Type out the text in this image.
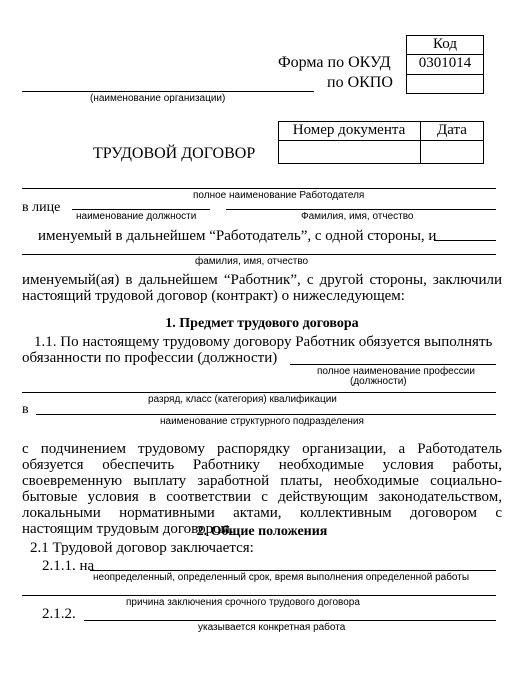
Код
0301014
Форма по ОКУД
по ОКПО
(наименование организации)
Номер документа	Дата
ТРУДОВОЙ ДОГОВОР
полное наименование Работодателя
в лице
наименование должности	Фамилия, имя, отчество
именуемый в дальнейшем “Работодатель”, с одной стороны, и
фамилия, имя, отчество
именуемый(ая) в дальнейшем “Работник”, с другой стороны, заключили настоящий трудовой договор (контракт) о нижеследующем:
1. Предмет трудового договора
1.1. По настоящему трудовому договору Работник обязуется выполнять
обязанности по профессии (должности)
полное наименование профессии
(должности)
разряд, класс (категория) квалификации
в
наименование структурного подразделения
с подчинением трудовому распорядку организации, а Работодатель обязуется обеспечить Работнику необходимые условия работы, своевременную выплату заработной платы, необходимые социально-бытовые условия в соответствии с действующим законодательством, локальными нормативными актами, коллективным договором с настоящим трудовым договором.
2. Общие положения
2.1 Трудовой договор заключается:
2.1.1. на
неопределенный, определенный срок, время выполнения определенной работы
причина заключения срочного трудового договора
2.1.2.
указывается конкретная работа
